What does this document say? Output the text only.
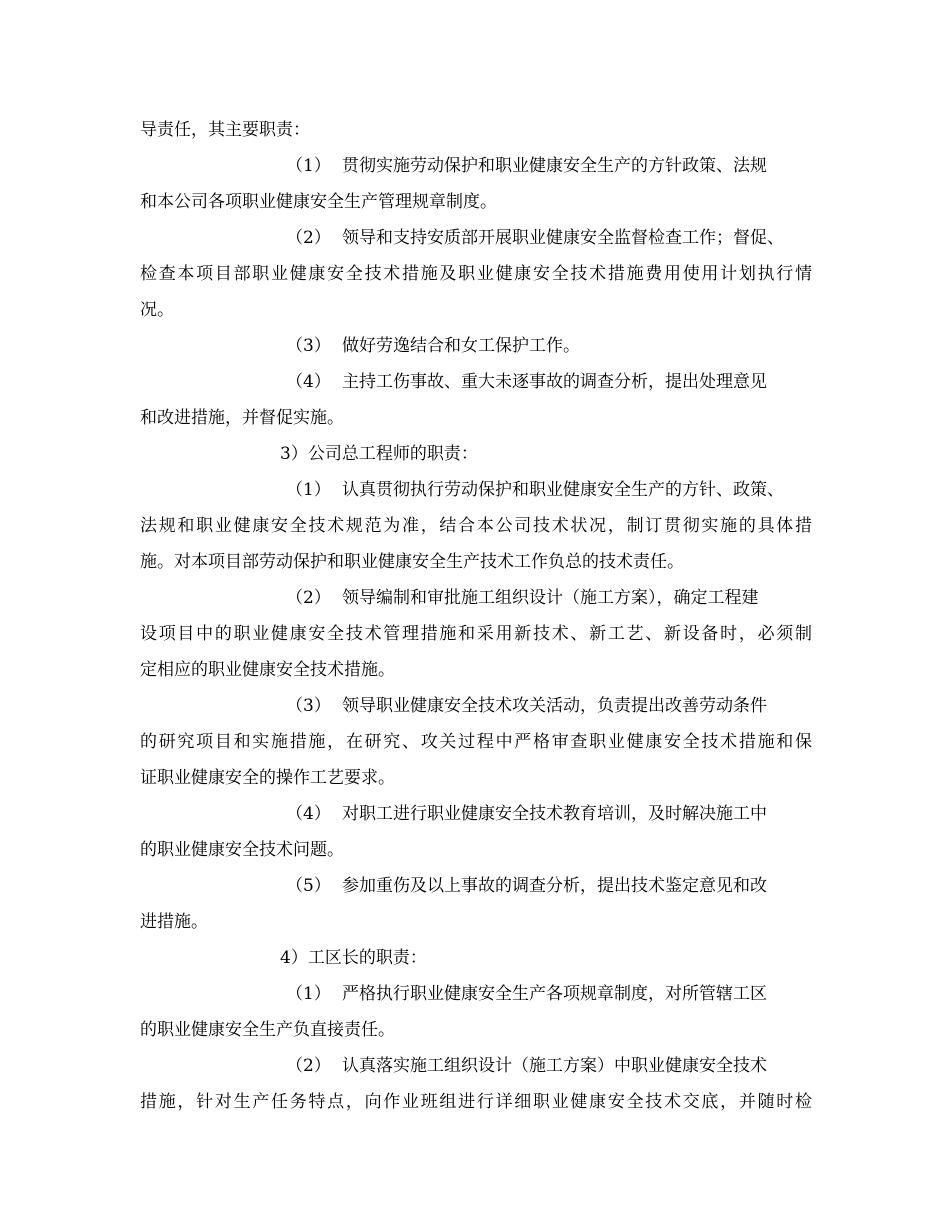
导责任，其主要职责：
（1） 贯彻实施劳动保护和职业健康安全生产的方针政策、法规
和本公司各项职业健康安全生产管理规章制度。
（2） 领导和支持安质部开展职业健康安全监督检查工作；督促、
检查本项目部职业健康安全技术措施及职业健康安全技术措施费用使用计划执行情
况。
（3） 做好劳逸结合和女工保护工作。
（4） 主持工伤事故、重大未逐事故的调查分析，提出处理意见
和改进措施，并督促实施。
3）公司总工程师的职责：
（1） 认真贯彻执行劳动保护和职业健康安全生产的方针、政策、
法规和职业健康安全技术规范为准，结合本公司技术状况，制订贯彻实施的具体措
施。对本项目部劳动保护和职业健康安全生产技术工作负总的技术责任。
（2） 领导编制和审批施工组织设计（施工方案），确定工程建
设项目中的职业健康安全技术管理措施和采用新技术、新工艺、新设备时，必须制
定相应的职业健康安全技术措施。
（3） 领导职业健康安全技术攻关活动，负责提出改善劳动条件
的研究项目和实施措施，在研究、攻关过程中严格审查职业健康安全技术措施和保
证职业健康安全的操作工艺要求。
（4） 对职工进行职业健康安全技术教育培训，及时解决施工中
的职业健康安全技术问题。
（5） 参加重伤及以上事故的调查分析，提出技术鉴定意见和改
进措施。
4）工区长的职责：
（1） 严格执行职业健康安全生产各项规章制度，对所管辖工区
的职业健康安全生产负直接责任。
（2） 认真落实施工组织设计（施工方案）中职业健康安全技术
措施，针对生产任务特点，向作业班组进行详细职业健康安全技术交底，并随时检
